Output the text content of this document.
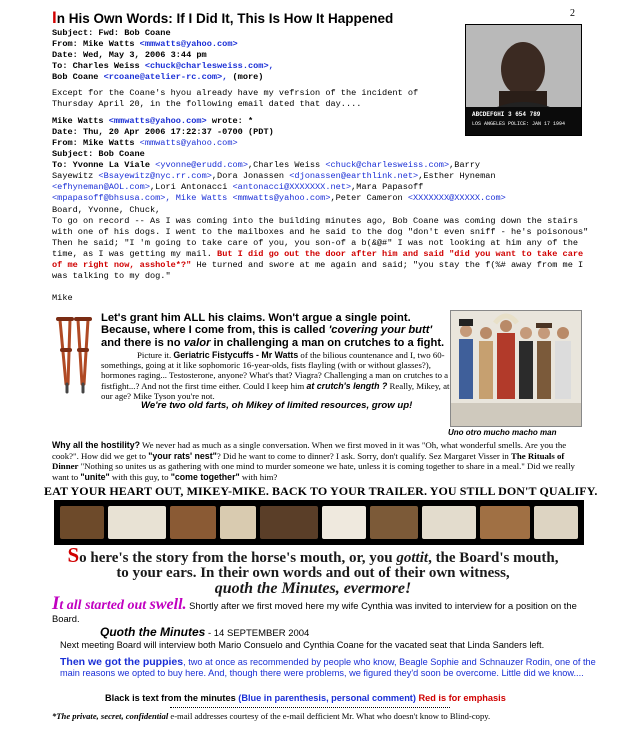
2
In His Own Words: If I Did It, This Is How It Happened
ABCDEFGHI 3 654 789
LOS ANGELES POLICE: JAN 17 1994
Subject: Fwd: Bob Coane
From: Mike Watts <mmwatts@yahoo.com>
Date: Wed, May 3, 2006 3:44 pm
To: Charles Weiss <chuck@charlesweiss.com>,
Bob Coane <rcoane@atelier-rc.com>, (more)
Except for the Coane's hyou already have my vefrsion of the incident of Thursday April 20, in the following email dated that day....
Mike Watts <mmwatts@yahoo.com> wrote: *
Date: Thu, 20 Apr 2006 17:22:37 -0700 (PDT)
From: Mike Watts <mmwatts@yahoo.com>
Subject: Bob Coane
To: Yvonne La Viale <yvonne@erudd.com>,Charles Weiss <chuck@charlesweiss.com>,Barry
Sayewitz <Bsayewitz@nyc.rr.com>,Dora Jonassen <djonassen@earthlink.net>,Esther Hyneman
<efhyneman@AOL.com>,Lori Antonacci <antonacci@XXXXXXX.net>,Mara Papasoff
<mpapasoff@bhsusa.com>, Mike Watts <mmwatts@yahoo.com>,Peter Cameron <XXXXXXX@XXXXX.com>

Board, Yvonne, Chuck,

To go on record -- As I was coming into the building minutes ago, Bob Coane was coming down the stairs with one of his dogs. I went to the mailboxes and he said to the dog "don't even sniff - he's poisonous" Then he said; "I 'm going to take care of you, you son-of a b(&@#" I was not looking at him any of the time, as I was getting my mail. But I did go out the door after him and said "did you want to take care of me right now, asshole*?" He turned and swore at me again and said; "you stay the f(%# away from me I was talking to my dog."

Mike

Let's grant him ALL his claims. Won't argue a single point.
Because, where I come from, this is called 'covering your butt'
and there is no valor in challenging a man on crutches to a fight.
Picture it. Geriatric Fistycuffs - Mr Watts of the bilious countenance and I, two 60-somethings, going at it like sophomoric 16-year-olds, fists flayling (with or without glasses?), hormones raging... Testosterone, anyone? What's that? Viagra? Challenging a man on crutches to a fistfight...? And not the first time either. Could I keep him at crutch's length ? Really, Mikey, at our age? Mike Tyson you're not.
We're two old farts, oh Mikey of limited resources, grow up!
Uno otro mucho macho man
Why all the hostility? We never had as much as a single conversation. When we first moved in it was "Oh, what wonderful smells. Are you the cook?". How did we get to "your rats' nest"? Did he want to come to dinner? I ask. Sorry, don't qualify. Sez Margaret Visser in The Rituals of Dinner "Nothing so unites us as gathering with one mind to murder someone we hate, unless it is coming together to share in a meal." Did we really want to "unite" with this guy, to "come together" with him?
EAT YOUR HEART OUT, MIKEY-MIKE. BACK TO YOUR TRAILER. YOU STILL DON'T QUALIFY.
So here's the story from the horse's mouth, or, you gottit, the Board's mouth,
to your ears. In their own words and out of their own witness,
quoth the Minutes, evermore!
It all started out swell. Shortly after we first moved here my wife Cynthia was invited to interview for a position on the Board.
Quoth the Minutes - 14 SEPTEMBER 2004
Next meeting Board will interview both Mario Consuelo and Cynthia Coane for the vacated seat that Linda Sanders left.
Then we got the puppies, two at once as recommended by people who know, Beagle Sophie and Schnauzer Rodin, one of the main reasons we opted to buy here. And, though there were problems, we figured they'd soon be overcome. Little did we know....
Black is text from the minutes (Blue in parenthesis, personal comment) Red is for emphasis
*The private, secret, confidential e-mail addresses courtesy of the e-mail defficient Mr. What who doesn't know to Blind-copy.
